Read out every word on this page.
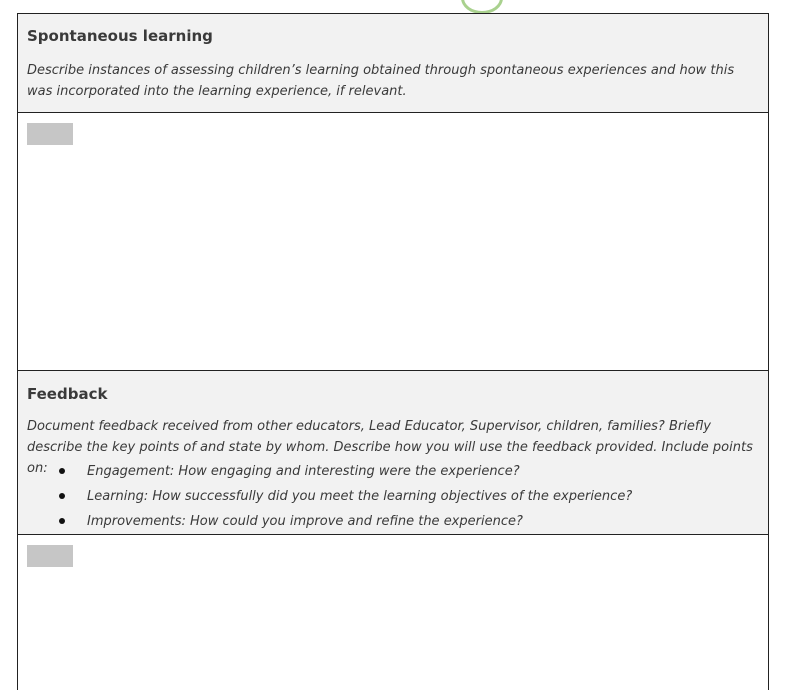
Spontaneous learning

Describe instances of assessing children’s learning obtained through spontaneous experiences and how this was incorporated into the learning experience, if relevant.

Feedback

Document feedback received from other educators, Lead Educator, Supervisor, children, families? Briefly describe the key points of and state by whom. Describe how you will use the feedback provided. Include points on:	Engagement: How engaging and interesting were the experience?
Learning: How successfully did you meet the learning objectives of the experience?
Improvements: How could you improve and refine the experience?
